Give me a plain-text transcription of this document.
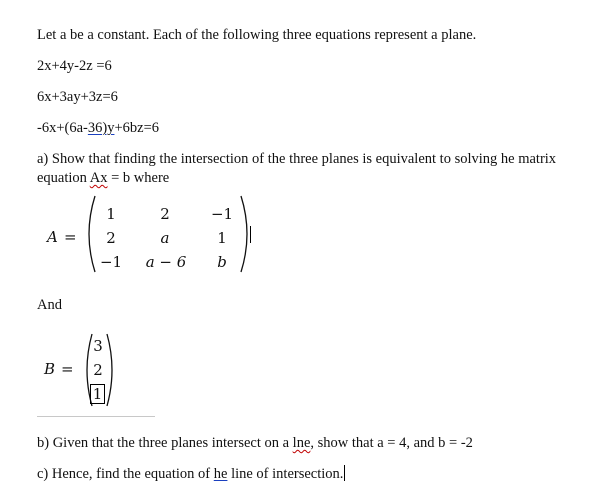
Let a be a constant. Each of the following three equations represent a plane.
2x+4y-2z =6
6x+3ay+3z=6
-6x+(6a-36)y+6bz=6
a) Show that finding the intersection of the three planes is equivalent to solving he matrix
equation Ax = b where
A =
1	2	−1
2	a	1
−1	a − 6	b
And
B =
3
2
1
b) Given that the three planes intersect on a lne, show that a = 4, and b = -2
c) Hence, find the equation of he line of intersection.
